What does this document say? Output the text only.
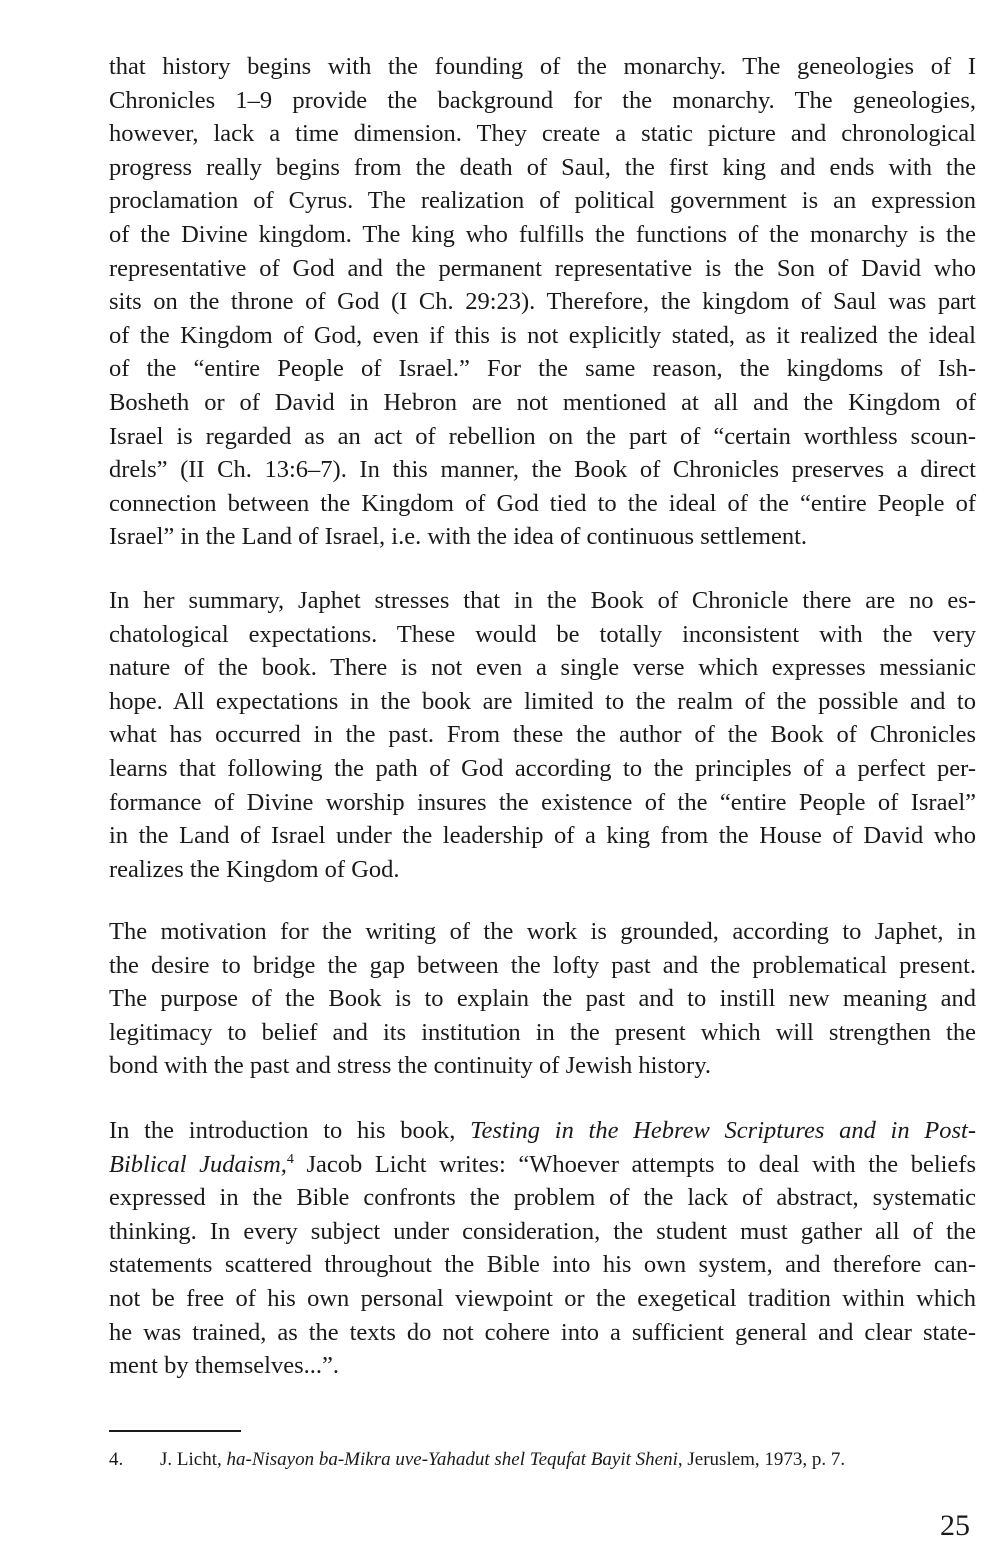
that history begins with the founding of the monarchy. The geneologies of I
Chronicles 1–9 provide the background for the monarchy. The geneologies,
however, lack a time dimension. They create a static picture and chronological
progress really begins from the death of Saul, the first king and ends with the
proclamation of Cyrus. The realization of political government is an expression
of the Divine kingdom. The king who fulfills the functions of the monarchy is the
representative of God and the permanent representative is the Son of David who
sits on the throne of God (I Ch. 29:23). Therefore, the kingdom of Saul was part
of the Kingdom of God, even if this is not explicitly stated, as it realized the ideal
of the “entire People of Israel.” For the same reason, the kingdoms of Ish-
Bosheth or of David in Hebron are not mentioned at all and the Kingdom of
Israel is regarded as an act of rebellion on the part of “certain worthless scoun-
drels” (II Ch. 13:6–7). In this manner, the Book of Chronicles preserves a direct
connection between the Kingdom of God tied to the ideal of the “entire People of
Israel” in the Land of Israel, i.e. with the idea of continuous settlement.
In her summary, Japhet stresses that in the Book of Chronicle there are no es-
chatological expectations. These would be totally inconsistent with the very
nature of the book. There is not even a single verse which expresses messianic
hope. All expectations in the book are limited to the realm of the possible and to
what has occurred in the past. From these the author of the Book of Chronicles
learns that following the path of God according to the principles of a perfect per-
formance of Divine worship insures the existence of the “entire People of Israel”
in the Land of Israel under the leadership of a king from the House of David who
realizes the Kingdom of God.
The motivation for the writing of the work is grounded, according to Japhet, in
the desire to bridge the gap between the lofty past and the problematical present.
The purpose of the Book is to explain the past and to instill new meaning and
legitimacy to belief and its institution in the present which will strengthen the
bond with the past and stress the continuity of Jewish history.
In the introduction to his book, Testing in the Hebrew Scriptures and in Post-
Biblical Judaism,$^4$ Jacob Licht writes: “Whoever attempts to deal with the beliefs
expressed in the Bible confronts the problem of the lack of abstract, systematic
thinking. In every subject under consideration, the student must gather all of the
statements scattered throughout the Bible into his own system, and therefore can-
not be free of his own personal viewpoint or the exegetical tradition within which
he was trained, as the texts do not cohere into a sufficient general and clear state-
ment by themselves...”.
4. J. Licht, ha-Nisayon ba-Mikra uve-Yahadut shel Tequfat Bayit Sheni, Jeruslem, 1973, p. 7.
25
